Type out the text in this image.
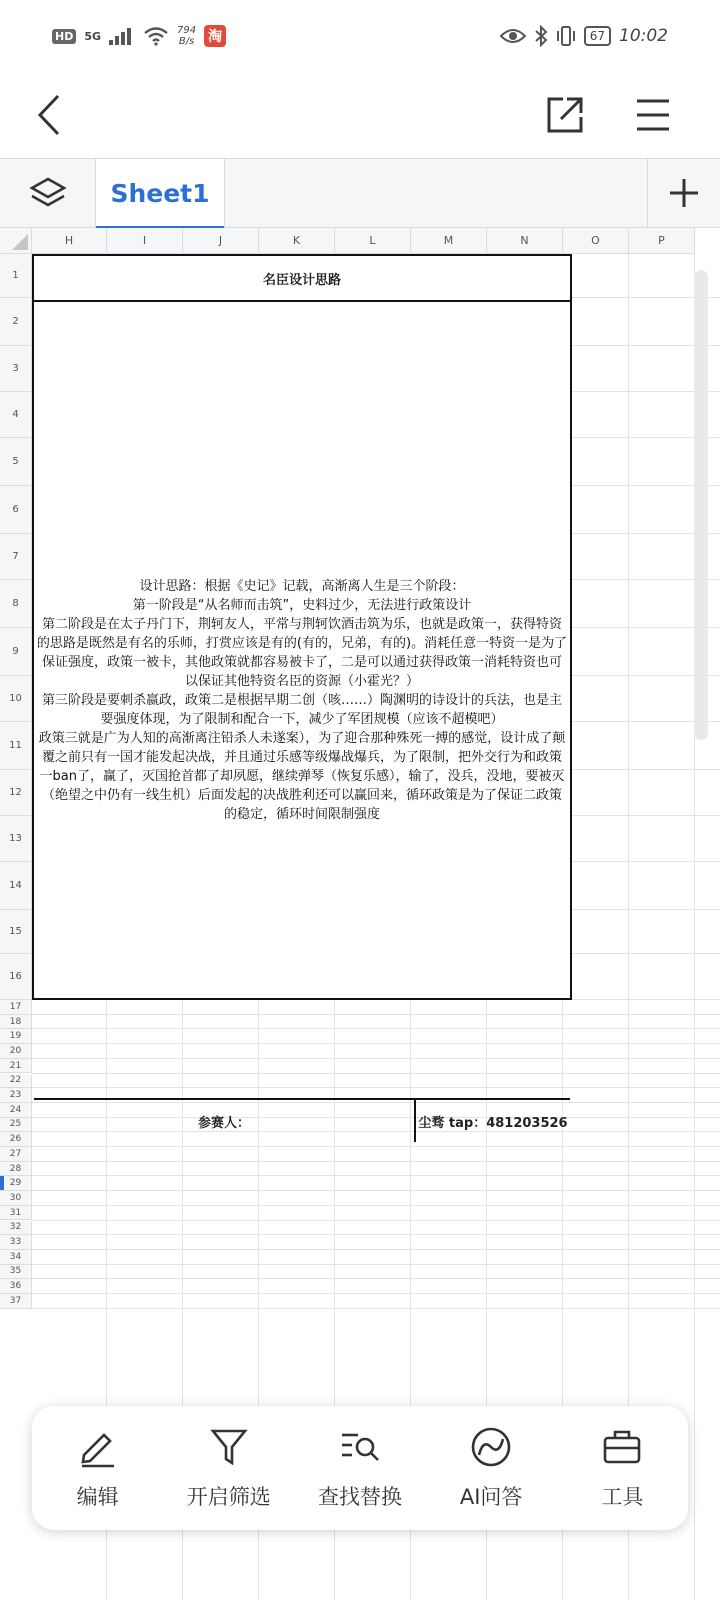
HD 5G	794
B/s 淘	67 10:02
Sheet1
H	I	J	K	L	M	N	O	P
1
2
3
4
5
6
7
8
9
10
11
12
13
14
15
16
17
18
19
20
21
22
23
24
25
26
27
28
29
30
31
32
33
34
35
36
37
名臣设计思路
设计思路：根据《史记》记载，高渐离人生是三个阶段：
第一阶段是“从名师而击筑”，史料过少，无法进行政策设计
第二阶段是在太子丹门下，荆轲友人，平常与荆轲饮酒击筑为乐，也就是政策一，获得特资的思路是既然是有名的乐师，打赏应该是有的(有的，兄弟，有的)。消耗任意一特资一是为了保证强度，政策一被卡，其他政策就都容易被卡了，二是可以通过获得政策一消耗特资也可以保证其他特资名臣的资源（小霍光？）
第三阶段是要刺杀嬴政，政策二是根据早期二创（咳……）陶渊明的诗设计的兵法，也是主要强度体现，为了限制和配合一下，减少了军团规模（应该不超模吧）
政策三就是广为人知的高渐离注铅杀人未遂案），为了迎合那种殊死一搏的感觉，设计成了颠覆之前只有一国才能发起决战，并且通过乐感等级爆战爆兵，为了限制，把外交行为和政策一ban了，赢了，灭国抢首都了却夙愿，继续弹琴（恢复乐感），输了，没兵，没地，要被灭（绝望之中仍有一线生机）后面发起的决战胜利还可以赢回来，循环政策是为了保证二政策的稳定，循环时间限制强度
参赛人：	尘骛 tap：481203526
编辑	开启筛选 查找替换	AI问答	工具
